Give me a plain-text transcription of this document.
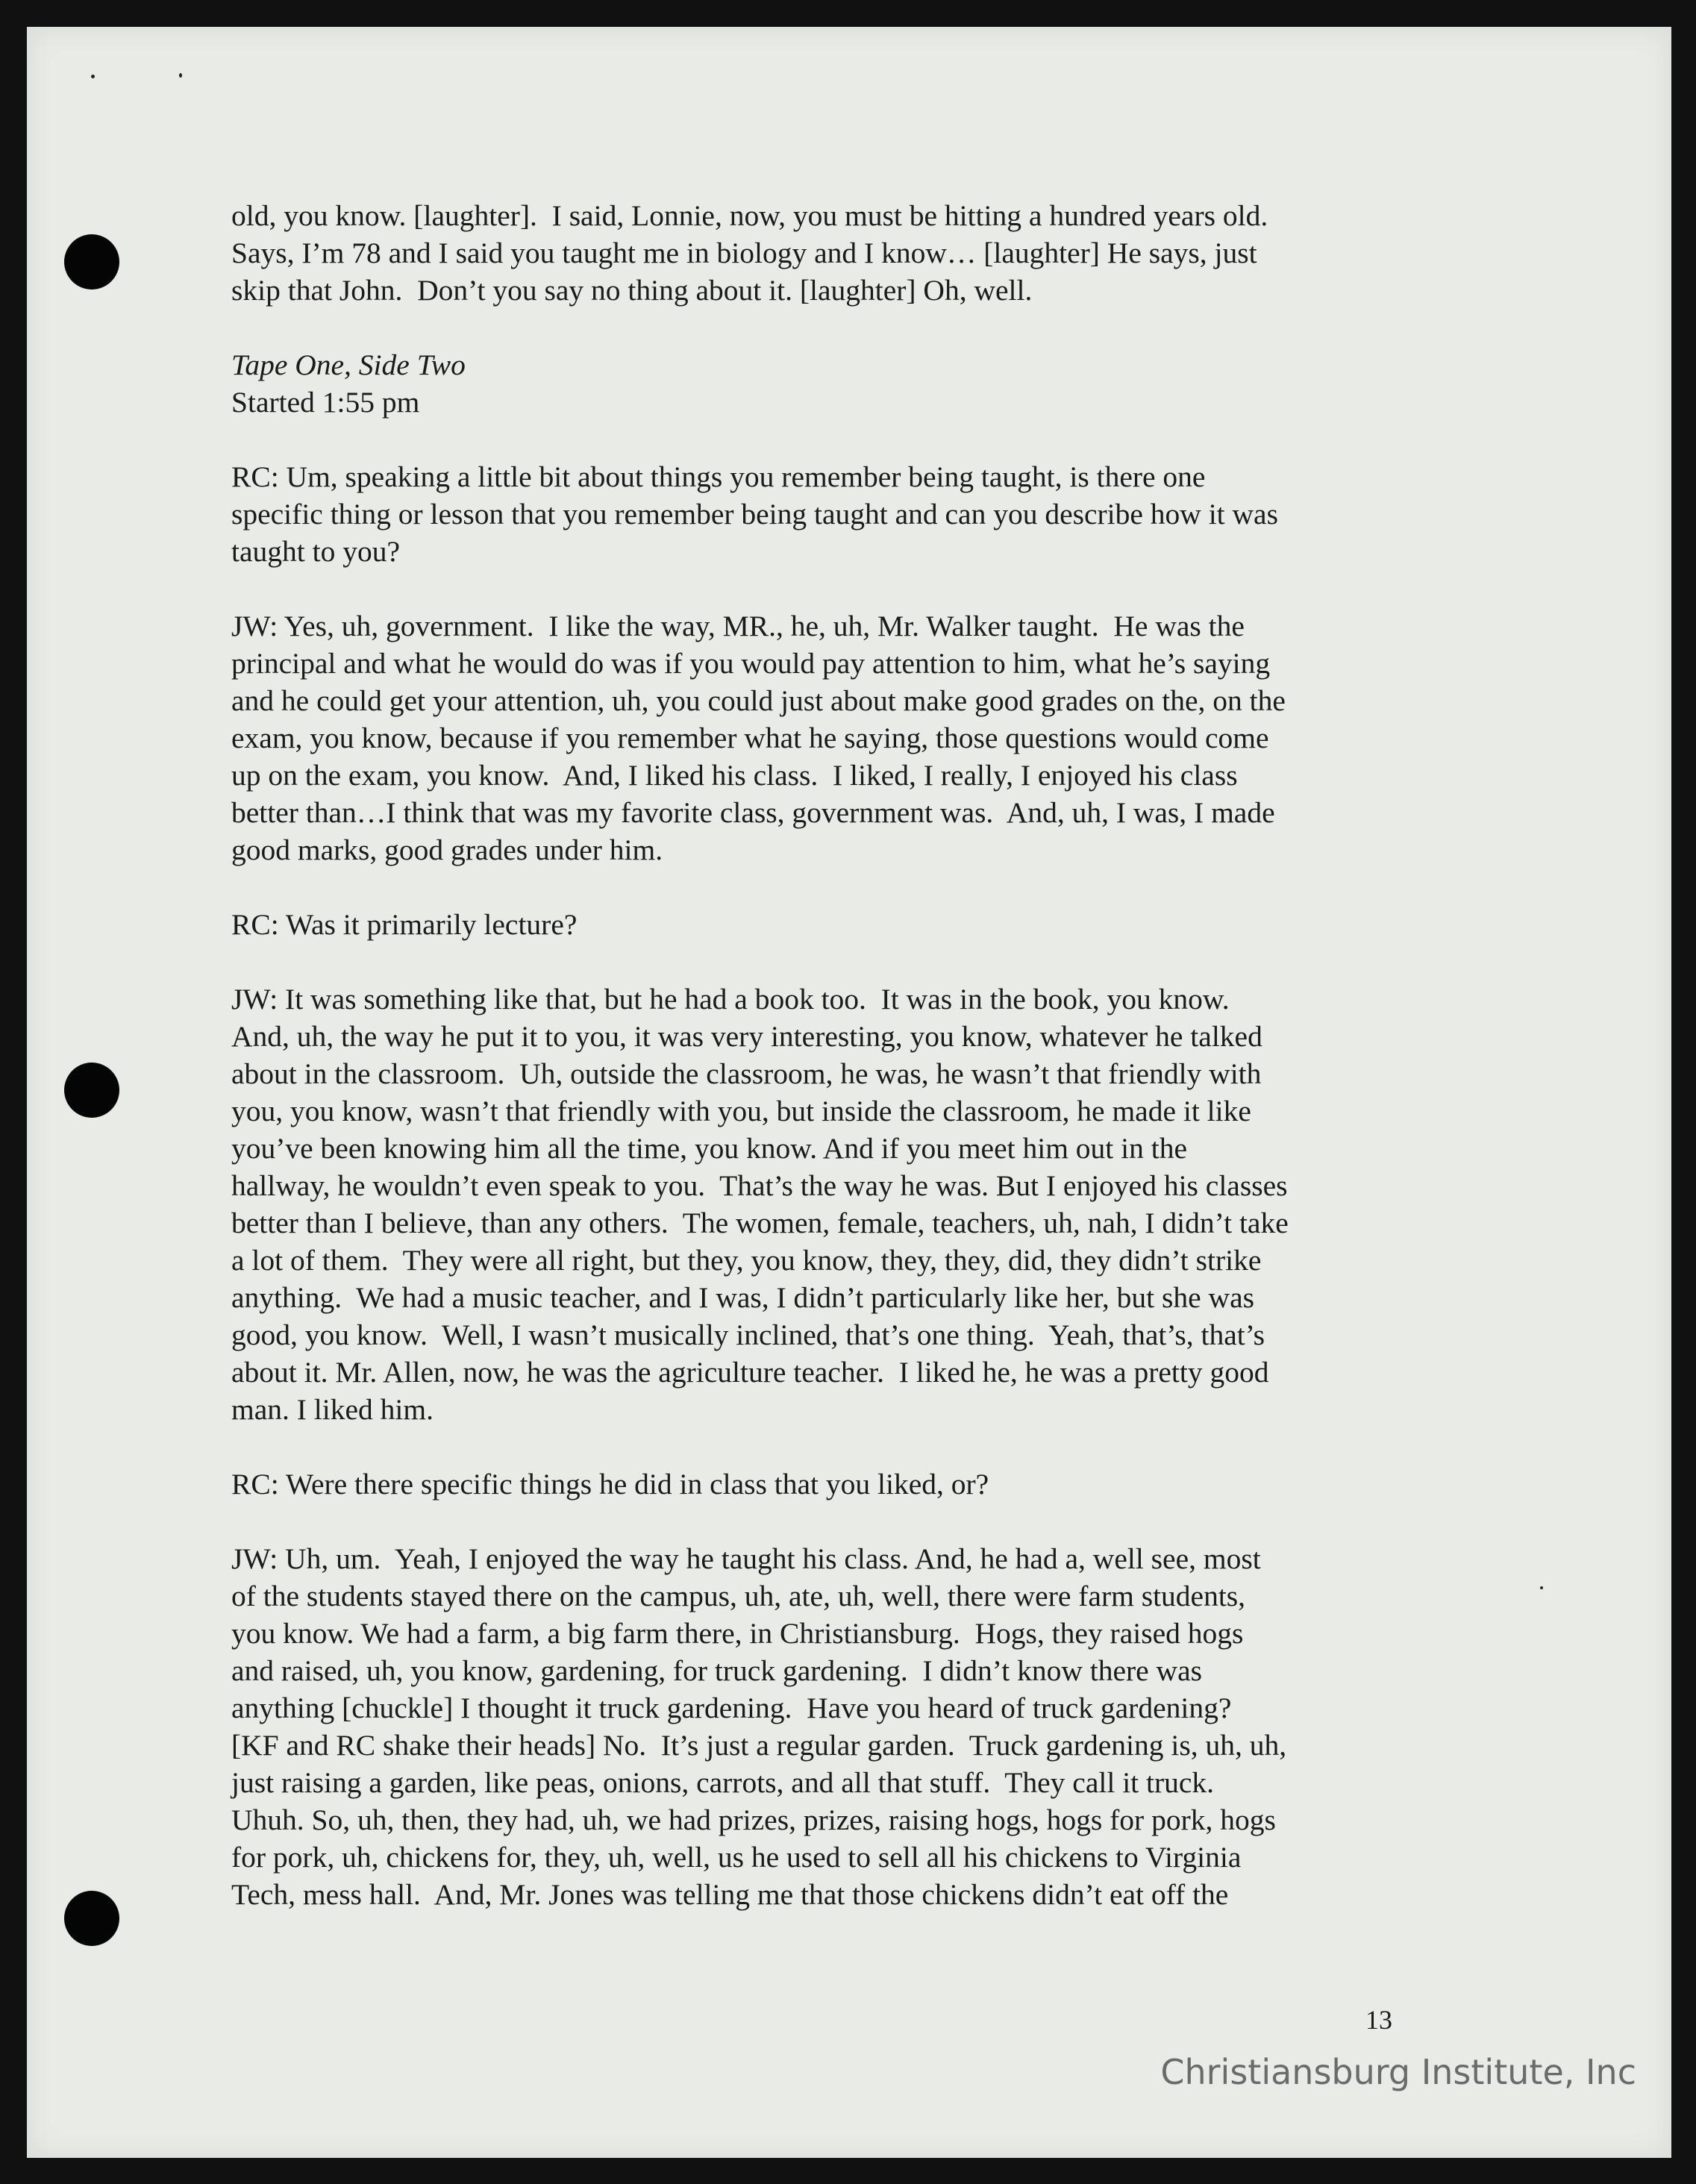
old, you know. [laughter].  I said, Lonnie, now, you must be hitting a hundred years old.
Says, I’m 78 and I said you taught me in biology and I know… [laughter] He says, just
skip that John.  Don’t you say no thing about it. [laughter] Oh, well.

Tape One, Side Two

Started 1:55 pm

RC: Um, speaking a little bit about things you remember being taught, is there one
specific thing or lesson that you remember being taught and can you describe how it was
taught to you?

JW: Yes, uh, government.  I like the way, MR., he, uh, Mr. Walker taught.  He was the
principal and what he would do was if you would pay attention to him, what he’s saying
and he could get your attention, uh, you could just about make good grades on the, on the
exam, you know, because if you remember what he saying, those questions would come
up on the exam, you know.  And, I liked his class.  I liked, I really, I enjoyed his class
better than…I think that was my favorite class, government was.  And, uh, I was, I made
good marks, good grades under him.

RC: Was it primarily lecture?

JW: It was something like that, but he had a book too.  It was in the book, you know.
And, uh, the way he put it to you, it was very interesting, you know, whatever he talked
about in the classroom.  Uh, outside the classroom, he was, he wasn’t that friendly with
you, you know, wasn’t that friendly with you, but inside the classroom, he made it like
you’ve been knowing him all the time, you know. And if you meet him out in the
hallway, he wouldn’t even speak to you.  That’s the way he was. But I enjoyed his classes
better than I believe, than any others.  The women, female, teachers, uh, nah, I didn’t take
a lot of them.  They were all right, but they, you know, they, they, did, they didn’t strike
anything.  We had a music teacher, and I was, I didn’t particularly like her, but she was
good, you know.  Well, I wasn’t musically inclined, that’s one thing.  Yeah, that’s, that’s
about it. Mr. Allen, now, he was the agriculture teacher.  I liked he, he was a pretty good
man. I liked him.

RC: Were there specific things he did in class that you liked, or?

JW: Uh, um.  Yeah, I enjoyed the way he taught his class. And, he had a, well see, most
of the students stayed there on the campus, uh, ate, uh, well, there were farm students,
you know. We had a farm, a big farm there, in Christiansburg.  Hogs, they raised hogs
and raised, uh, you know, gardening, for truck gardening.  I didn’t know there was
anything [chuckle] I thought it truck gardening.  Have you heard of truck gardening?
[KF and RC shake their heads] No.  It’s just a regular garden.  Truck gardening is, uh, uh,
just raising a garden, like peas, onions, carrots, and all that stuff.  They call it truck.
Uhuh. So, uh, then, they had, uh, we had prizes, prizes, raising hogs, hogs for pork, hogs
for pork, uh, chickens for, they, uh, well, us he used to sell all his chickens to Virginia
Tech, mess hall.  And, Mr. Jones was telling me that those chickens didn’t eat off the

13
Christiansburg Institute, Inc
